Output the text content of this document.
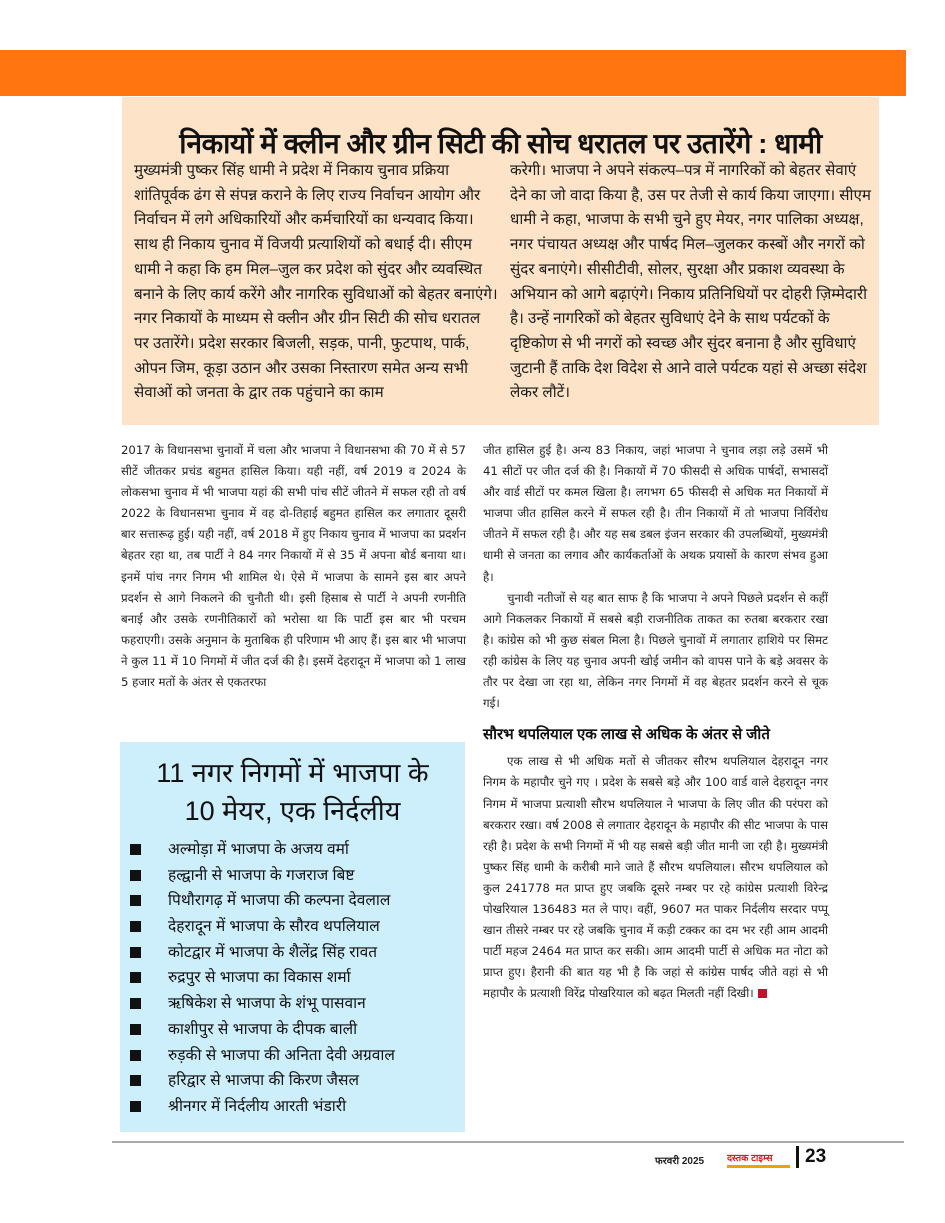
निकायों में क्लीन और ग्रीन सिटी की सोच धरातल पर उतारेंगे : धामी
मुख्यमंत्री पुष्कर सिंह धामी ने प्रदेश में निकाय चुनाव प्रक्रिया शांतिपूर्वक ढंग से संपन्न कराने के लिए राज्य निर्वाचन आयोग और निर्वाचन में लगे अधिकारियों और कर्मचारियों का धन्यवाद किया। साथ ही निकाय चुनाव में विजयी प्रत्याशियों को बधाई दी। सीएम धामी ने कहा कि हम मिल–जुल कर प्रदेश को सुंदर और व्यवस्थित बनाने के लिए कार्य करेंगे और नागरिक सुविधाओं को बेहतर बनाएंगे। नगर निकायों के माध्यम से क्लीन और ग्रीन सिटी की सोच धरातल पर उतारेंगे। प्रदेश सरकार बिजली, सड़क, पानी, फुटपाथ, पार्क, ओपन जिम, कूड़ा उठान और उसका निस्तारण समेत अन्य सभी सेवाओं को जनता के द्वार तक पहुंचाने का काम
करेगी। भाजपा ने अपने संकल्प–पत्र में नागरिकों को बेहतर सेवाएं देने का जो वादा किया है, उस पर तेजी से कार्य किया जाएगा। सीएम धामी ने कहा, भाजपा के सभी चुने हुए मेयर, नगर पालिका अध्यक्ष, नगर पंचायत अध्यक्ष और पार्षद मिल–जुलकर कस्बों और नगरों को सुंदर बनाएंगे। सीसीटीवी, सोलर, सुरक्षा और प्रकाश व्यवस्था के अभियान को आगे बढ़ाएंगे। निकाय प्रतिनिधियों पर दोहरी ज़िम्मेदारी है। उन्हें नागरिकों को बेहतर सुविधाएं देने के साथ पर्यटकों के दृष्टिकोण से भी नगरों को स्वच्छ और सुंदर बनाना है और सुविधाएं जुटानी हैं ताकि देश विदेश से आने वाले पर्यटक यहां से अच्छा संदेश लेकर लौटें।

2017 के विधानसभा चुनावों में चला और भाजपा ने विधानसभा की 70 में से 57 सीटें जीतकर प्रचंड बहुमत हासिल किया। यही नहीं, वर्ष 2019 व 2024 के लोकसभा चुनाव में भी भाजपा यहां की सभी पांच सीटें जीतने में सफल रही तो वर्ष 2022 के विधानसभा चुनाव में वह दो-तिहाई बहुमत हासिल कर लगातार दूसरी बार सत्तारूढ़ हुई। यही नहीं, वर्ष 2018 में हुए निकाय चुनाव में भाजपा का प्रदर्शन बेहतर रहा था, तब पार्टी ने 84 नगर निकायों में से 35 में अपना बोर्ड बनाया था। इनमें पांच नगर निगम भी शामिल थे। ऐसे में भाजपा के सामने इस बार अपने प्रदर्शन से आगे निकलने की चुनौती थी। इसी हिसाब से पार्टी ने अपनी रणनीति बनाई और उसके रणनीतिकारों को भरोसा था कि पार्टी इस बार भी परचम फहराएगी। उसके अनुमान के मुताबिक ही परिणाम भी आए हैं। इस बार भी भाजपा ने कुल 11 में 10 निगमों में जीत दर्ज की है। इसमें देहरादून में भाजपा को 1 लाख 5 हजार मतों के अंतर से एकतरफा

जीत हासिल हुई है। अन्य 83 निकाय, जहां भाजपा ने चुनाव लड़ा लड़े उसमें भी 41 सीटों पर जीत दर्ज की है। निकायों में 70 फीसदी से अधिक पार्षदों, सभासदों और वार्ड सीटों पर कमल खिला है। लगभग 65 फीसदी से अधिक मत निकायों में भाजपा जीत हासिल करने में सफल रही है। तीन निकायों में तो भाजपा निर्विरोध जीतने में सफल रही है। और यह सब डबल इंजन सरकार की उपलब्धियों, मुख्यमंत्री धामी से जनता का लगाव और कार्यकर्ताओं के अथक प्रयासों के कारण संभव हुआ है।

चुनावी नतीजों से यह बात साफ है कि भाजपा ने अपने पिछले प्रदर्शन से कहीं आगे निकलकर निकायों में सबसे बड़ी राजनीतिक ताकत का रुतबा बरकरार रखा है। कांग्रेस को भी कुछ संबल मिला है। पिछले चुनावों में लगातार हाशिये पर सिमट रही कांग्रेस के लिए यह चुनाव अपनी खोई जमीन को वापस पाने के बड़े अवसर के तौर पर देखा जा रहा था, लेकिन नगर निगमों में वह बेहतर प्रदर्शन करने से चूक गई।

सौरभ थपलियाल एक लाख से अधिक के अंतर से जीते

एक लाख से भी अधिक मतों से जीतकर सौरभ थपलियाल देहरादून नगर निगम के महापौर चुने गए । प्रदेश के सबसे बड़े और 100 वार्ड वाले देहरादून नगर निगम में भाजपा प्रत्याशी सौरभ थपलियाल ने भाजपा के लिए जीत की परंपरा को बरकरार रखा। वर्ष 2008 से लगातार देहरादून के महापौर की सीट भाजपा के पास रही है। प्रदेश के सभी निगमों में भी यह सबसे बड़ी जीत मानी जा रही है। मुख्यमंत्री पुष्कर सिंह धामी के करीबी माने जाते हैं सौरभ थपलियाल। सौरभ थपलियाल को कुल 241778 मत प्राप्त हुए जबकि दूसरे नम्बर पर रहे कांग्रेस प्रत्याशी विरेन्द्र पोखरियाल 136483 मत ले पाए। वहीं, 9607 मत पाकर निर्दलीय सरदार पप्पू खान तीसरे नम्बर पर रहे जबकि चुनाव में कड़ी टक्कर का दम भर रही आम आदमी पार्टी महज 2464 मत प्राप्त कर सकी। आम आदमी पार्टी से अधिक मत नोटा को प्राप्त हुए। हैरानी की बात यह भी है कि जहां से कांग्रेस पार्षद जीते वहां से भी महापौर के प्रत्याशी विरेंद्र पोखरियाल को बढ़त मिलती नहीं दिखी।

11 नगर निगमों में भाजपा के
10 मेयर, एक निर्दलीय
अल्मोड़ा में भाजपा के अजय वर्मा
हल्द्वानी से भाजपा के गजराज बिष्ट
पिथौरागढ़ में भाजपा की कल्पना देवलाल
देहरादून में भाजपा के सौरव थपलियाल
कोटद्वार में भाजपा के शैलेंद्र सिंह रावत
रुद्रपुर से भाजपा का विकास शर्मा
ऋषिकेश से भाजपा के शंभू पासवान
काशीपुर से भाजपा के दीपक बाली
रुड़की से भाजपा की अनिता देवी अग्रवाल
हरिद्वार से भाजपा की किरण जैसल
श्रीनगर में निर्दलीय आरती भंडारी
फरवरी 2025 दस्तक टाइम्स	23
